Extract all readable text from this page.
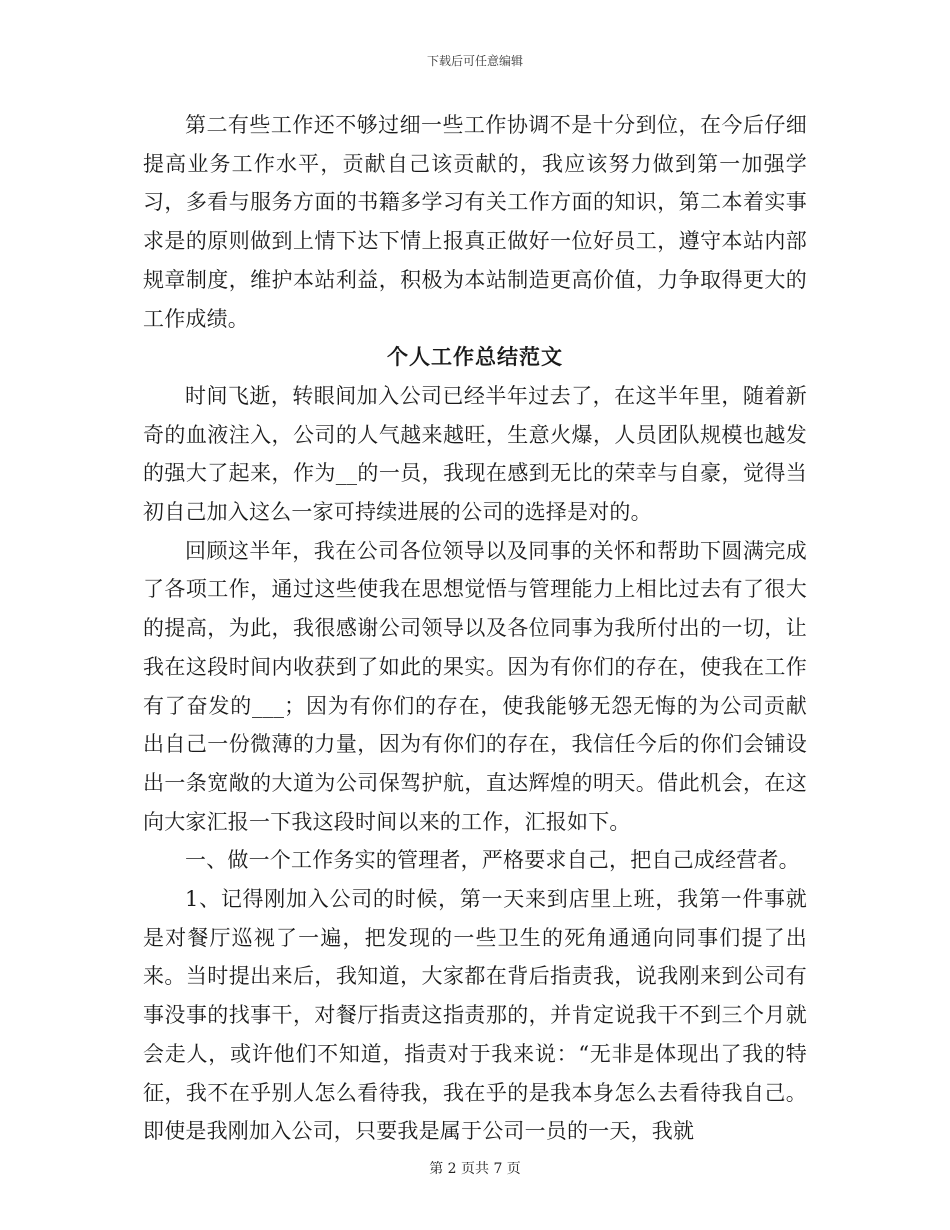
下载后可任意编辑

第二有些工作还不够过细一些工作协调不是十分到位，在今后仔细提高业务工作水平，贡献自己该贡献的，我应该努力做到第一加强学习，多看与服务方面的书籍多学习有关工作方面的知识，第二本着实事求是的原则做到上情下达下情上报真正做好一位好员工，遵守本站内部规章制度，维护本站利益，积极为本站制造更高价值，力争取得更大的工作成绩。

个人工作总结范文

时间飞逝，转眼间加入公司已经半年过去了，在这半年里，随着新奇的血液注入，公司的人气越来越旺，生意火爆，人员团队规模也越发的强大了起来，作为__的一员，我现在感到无比的荣幸与自豪，觉得当初自己加入这么一家可持续进展的公司的选择是对的。

回顾这半年，我在公司各位领导以及同事的关怀和帮助下圆满完成了各项工作，通过这些使我在思想觉悟与管理能力上相比过去有了很大的提高，为此，我很感谢公司领导以及各位同事为我所付出的一切，让我在这段时间内收获到了如此的果实。因为有你们的存在，使我在工作有了奋发的___；因为有你们的存在，使我能够无怨无悔的为公司贡献出自己一份微薄的力量，因为有你们的存在，我信任今后的你们会铺设出一条宽敞的大道为公司保驾护航，直达辉煌的明天。借此机会，在这向大家汇报一下我这段时间以来的工作，汇报如下。

一、做一个工作务实的管理者，严格要求自己，把自己成经营者。

1、记得刚加入公司的时候，第一天来到店里上班，我第一件事就是对餐厅巡视了一遍，把发现的一些卫生的死角通通向同事们提了出来。当时提出来后，我知道，大家都在背后指责我，说我刚来到公司有事没事的找事干，对餐厅指责这指责那的，并肯定说我干不到三个月就会走人，或许他们不知道，指责对于我来说：“无非是体现出了我的特征，我不在乎别人怎么看待我，我在乎的是我本身怎么去看待我自己。即使是我刚加入公司，只要我是属于公司一员的一天，我就

第 2 页共 7 页
